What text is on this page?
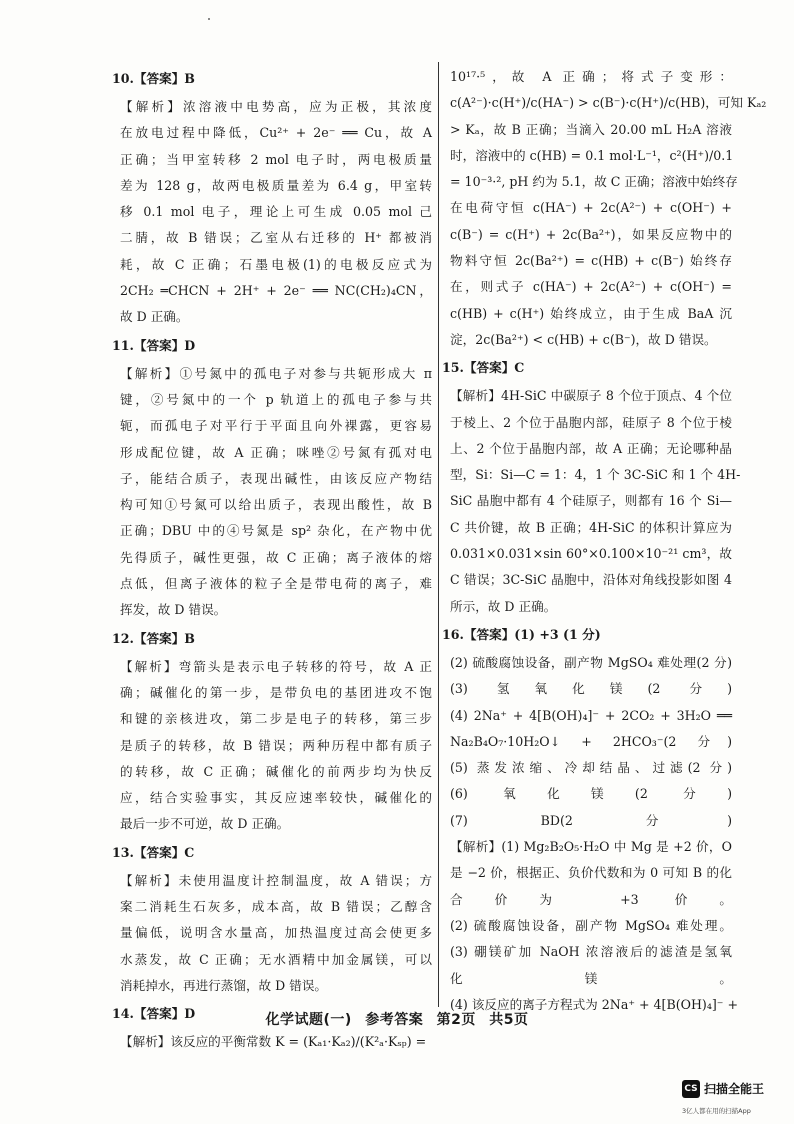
10.【答案】B
【解析】浓溶液中电势高，应为正极，其浓度
在放电过程中降低，Cu²⁺ + 2e⁻ ══ Cu，故 A
正确；当甲室转移 2 mol 电子时，两电极质量
差为 128 g，故两电极质量差为 6.4 g，甲室转
移 0.1 mol 电子，理论上可生成 0.05 mol 己
二腈，故 B 错误；乙室从右迁移的 H⁺ 都被消
耗，故 C 正确；石墨电极(1)的电极反应式为
2CH₂ ═CHCN + 2H⁺ + 2e⁻ ══ NC(CH₂)₄CN，
故 D 正确。
11.【答案】D
【解析】①号氮中的孤电子对参与共轭形成大 π
键，②号氮中的一个 p 轨道上的孤电子参与共
轭，而孤电子对平行于平面且向外裸露，更容易
形成配位键，故 A 正确；咪唑②号氮有孤对电
子，能结合质子，表现出碱性，由该反应产物结
构可知①号氮可以给出质子，表现出酸性，故 B
正确；DBU 中的④号氮是 sp² 杂化，在产物中优
先得质子，碱性更强，故 C 正确；离子液体的熔
点低，但离子液体的粒子全是带电荷的离子，难
挥发，故 D 错误。
12.【答案】B
【解析】弯箭头是表示电子转移的符号，故 A 正
确；碱催化的第一步，是带负电的基团进攻不饱
和键的亲核进攻，第二步是电子的转移，第三步
是质子的转移，故 B 错误；两种历程中都有质子
的转移，故 C 正确；碱催化的前两步均为快反
应，结合实验事实，其反应速率较快，碱催化的
最后一步不可逆，故 D 正确。
13.【答案】C
【解析】未使用温度计控制温度，故 A 错误；方
案二消耗生石灰多，成本高，故 B 错误；乙醇含
量偏低，说明含水量高，加热温度过高会使更多
水蒸发，故 C 正确；无水酒精中加金属镁，可以
消耗掉水，再进行蒸馏，故 D 错误。
14.【答案】D
【解析】该反应的平衡常数 K = (Kₐ₁·Kₐ₂)/(K²ₐ·Kₛₚ) =
10¹⁷·⁵，故 A 正确；将式子变形：
c(A²⁻)·c(H⁺)/c(HA⁻) > c(B⁻)·c(H⁺)/c(HB)，可知 Kₐ₂
> Kₐ，故 B 正确；当滴入 20.00 mL H₂A 溶液
时，溶液中的 c(HB) = 0.1 mol·L⁻¹，c²(H⁺)/0.1
= 10⁻³·², pH 约为 5.1，故 C 正确；溶液中始终存
在电荷守恒 c(HA⁻) + 2c(A²⁻) + c(OH⁻) +
c(B⁻) = c(H⁺) + 2c(Ba²⁺)，如果反应物中的
物料守恒 2c(Ba²⁺) = c(HB) + c(B⁻) 始终存
在，则式子 c(HA⁻) + 2c(A²⁻) + c(OH⁻) =
c(HB) + c(H⁺) 始终成立，由于生成 BaA 沉
淀，2c(Ba²⁺) < c(HB) + c(B⁻)，故 D 错误。
15.【答案】C
【解析】4H-SiC 中碳原子 8 个位于顶点、4 个位
于棱上、2 个位于晶胞内部，硅原子 8 个位于棱
上、2 个位于晶胞内部，故 A 正确；无论哪种晶
型，Si：Si—C = 1：4，1 个 3C-SiC 和 1 个 4H-
SiC 晶胞中都有 4 个硅原子，则都有 16 个 Si—
C 共价键，故 B 正确；4H-SiC 的体积计算应为
0.031×0.031×sin 60°×0.100×10⁻²¹ cm³，故
C 错误；3C-SiC 晶胞中，沿体对角线投影如图 4
所示，故 D 正确。
16.【答案】(1) +3 (1 分)
(2) 硫酸腐蚀设备，副产物 MgSO₄ 难处理(2 分)
(3) 氢氧化镁(2 分)
(4) 2Na⁺ + 4[B(OH)₄]⁻ + 2CO₂ + 3H₂O ══
Na₂B₄O₇·10H₂O↓ + 2HCO₃⁻(2 分)
(5) 蒸发浓缩、冷却结晶、过滤(2 分)
(6) 氧化镁(2 分)
(7) BD(2 分)
【解析】(1) Mg₂B₂O₅·H₂O 中 Mg 是 +2 价，O
是 −2 价，根据正、负价代数和为 0 可知 B 的化
合价为 +3 价。
(2) 硫酸腐蚀设备，副产物 MgSO₄ 难处理。
(3) 硼镁矿加 NaOH 浓溶液后的滤渣是氢氧
化镁。
(4) 该反应的离子方程式为 2Na⁺ + 4[B(OH)₄]⁻ +
化学试题(一) 参考答案 第2页 共5页
CS 扫描全能王
3亿人都在用的扫描App
